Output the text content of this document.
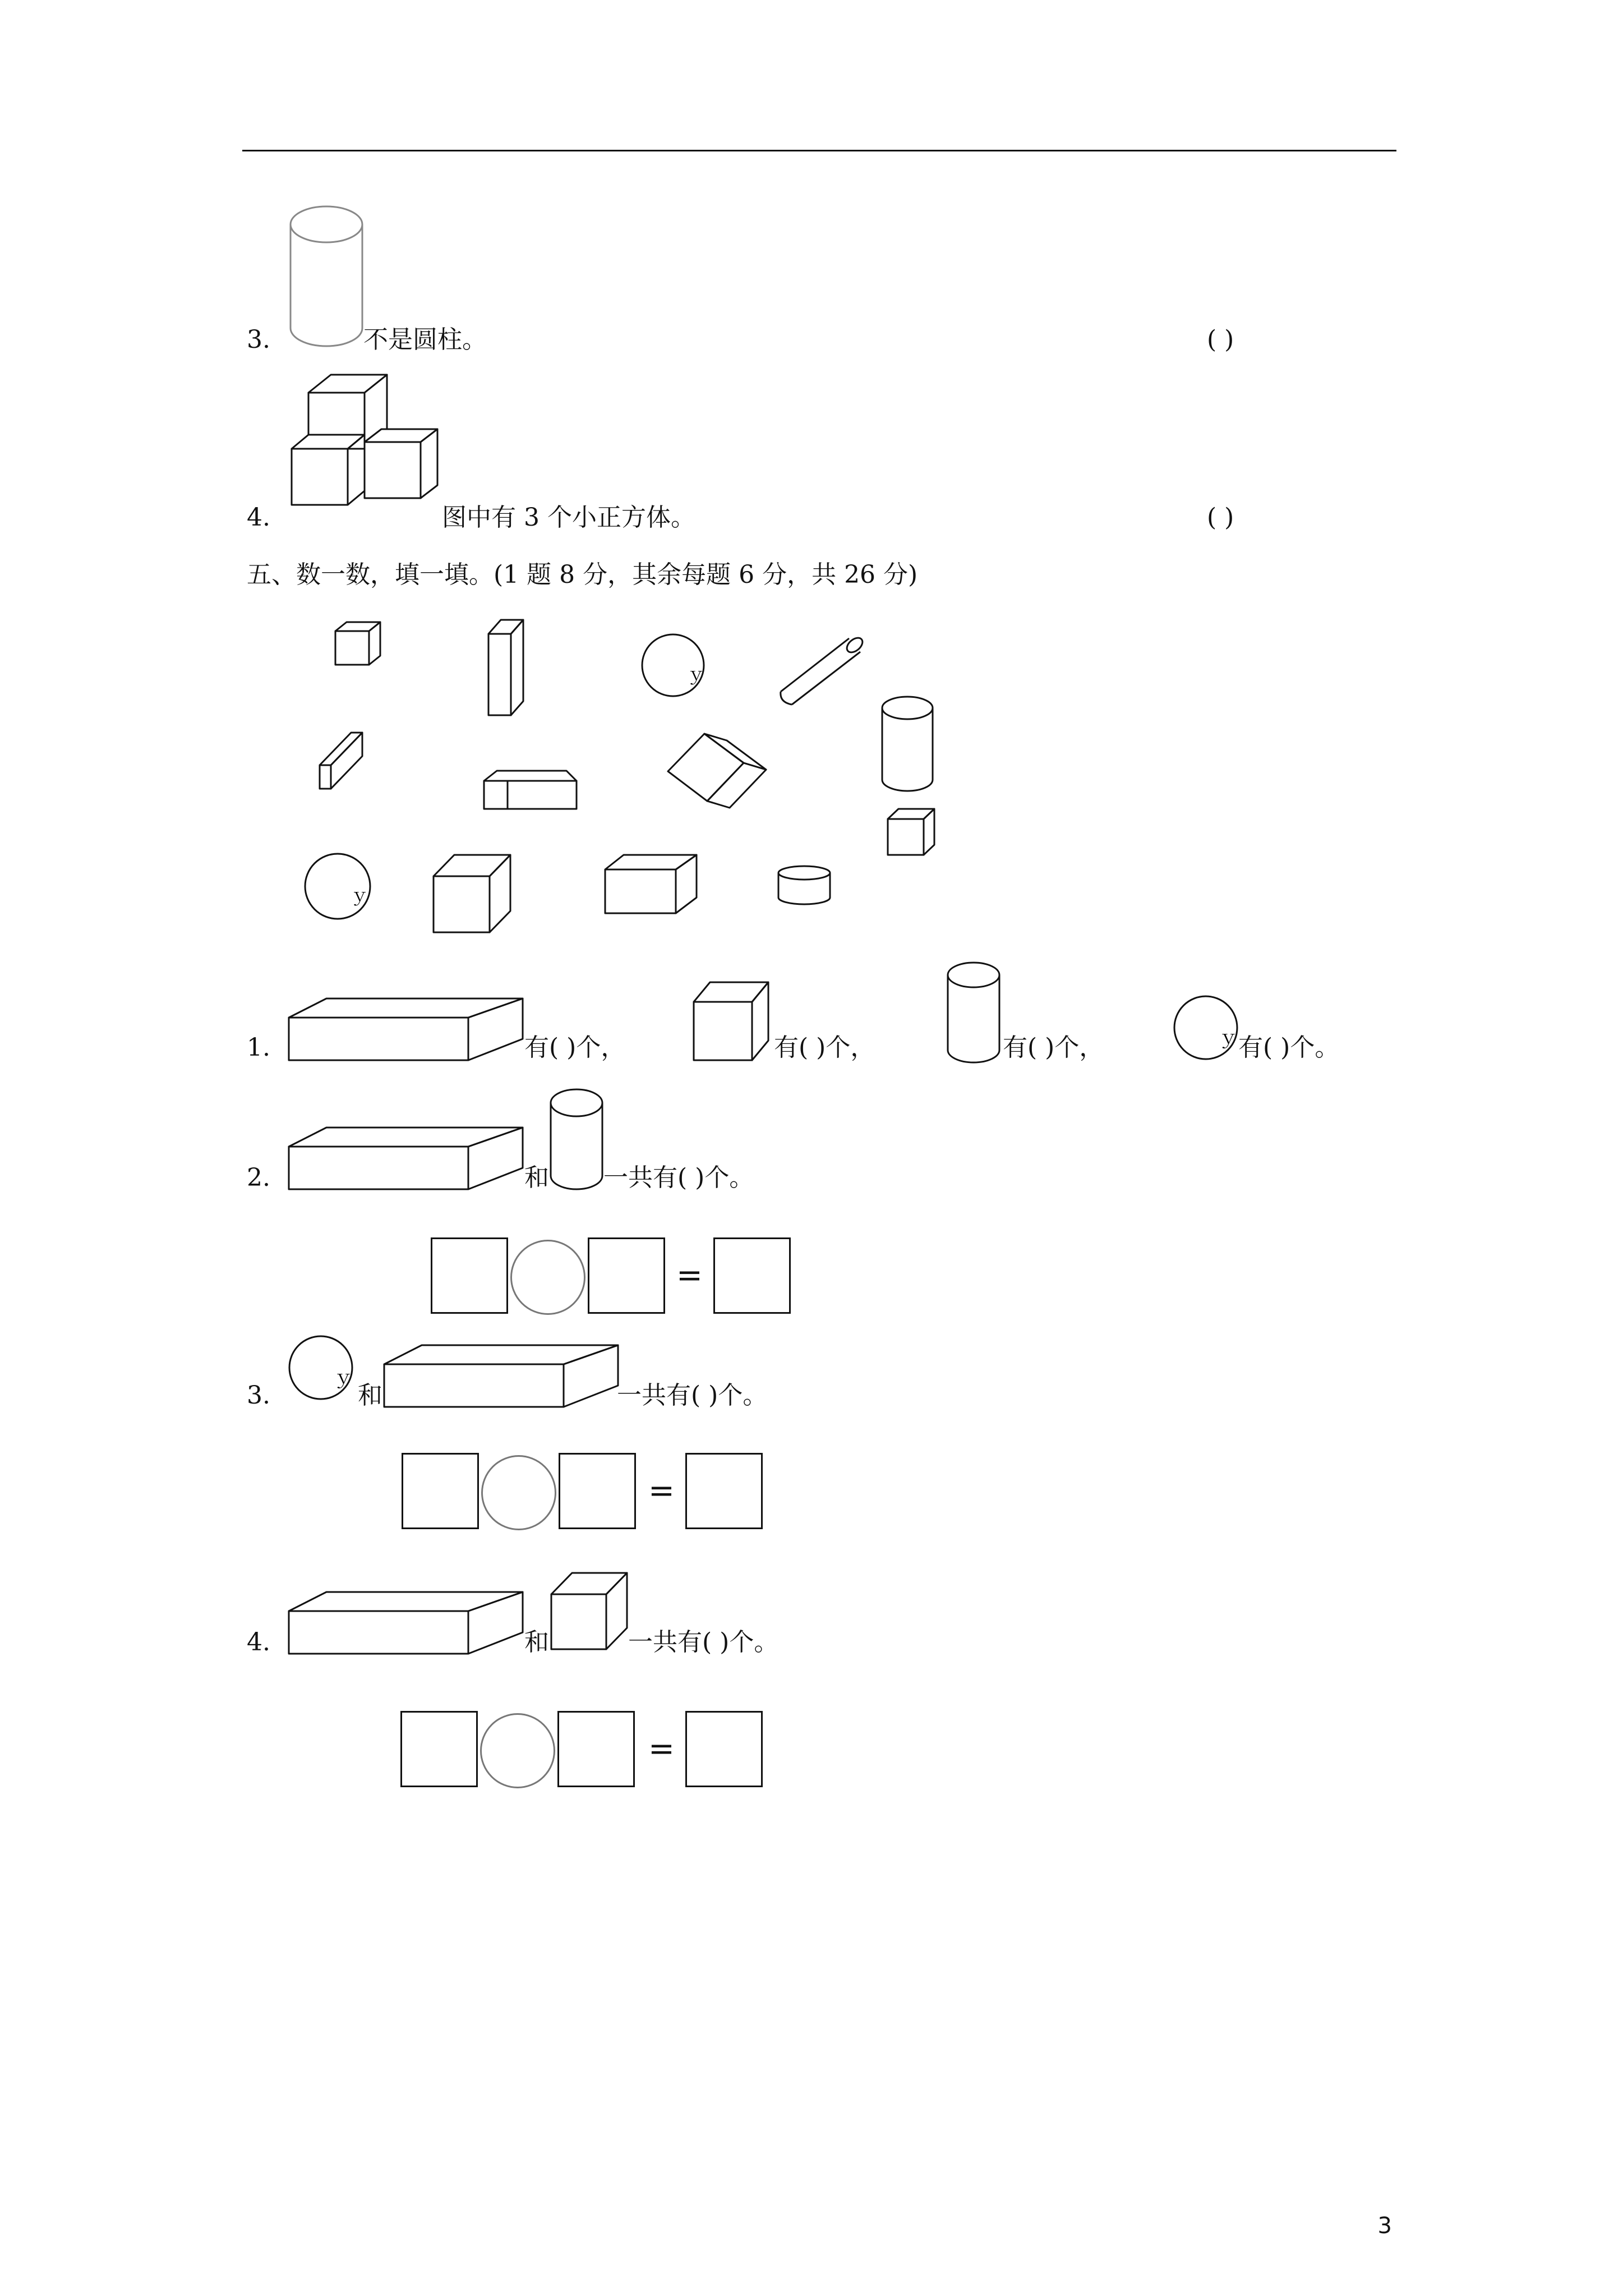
3.	不是圆柱。	( )
4.	图中有 3 个小正方体。	( )
五、数一数，填一填。(1 题 8 分，其余每题 6 分，共 26 分)
ｙ
ｙ
1.	有( )个，	有( )个，	有( )个，	ｙ 有( )个。
2.	和 一共有( )个。
=
3.
ｙ
和	一共有( )个。
=
4.	和	一共有( )个。
=
3
